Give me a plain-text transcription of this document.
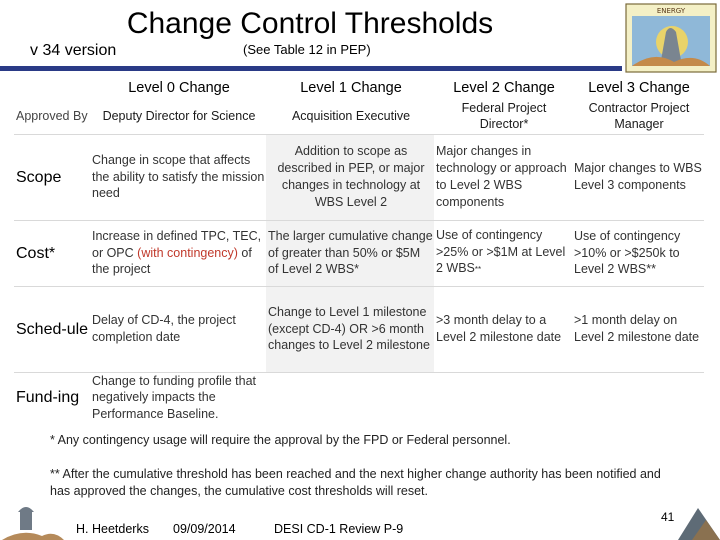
Change Control Thresholds
v 34 version	(See Table 12 in PEP)
ENERGY
	Level 0 Change	Level 1 Change	Level 2 Change	Level 3 Change
Approved By	Deputy Director for Science	Acquisition Executive	Federal Project Director*	Contractor Project Manager
Scope	Change in scope that affects the ability to satisfy the mission need	Addition to scope as described in PEP, or major changes in technology at WBS Level 2	Major changes in technology or approach to Level 2 WBS components	Major changes to WBS Level 3 components
Cost*	Increase in defined TPC, TEC, or OPC (with contingency) of the project	The larger cumulative change of greater than 50% or $5M of Level 2 WBS*	Use of contingency >25% or >$1M at Level 2 WBS**	Use of contingency >10% or >$250k to Level 2 WBS**
Sched-ule	Delay of CD-4, the project completion date	Change to Level 1 milestone (except CD-4) OR >6 month changes to Level 2 milestone	>3 month delay to a Level 2 milestone date	>1 month delay on Level 2 milestone date
Fund-ing	Change to funding profile that negatively impacts the Performance Baseline.			
* Any contingency usage will require the approval by the FPD or Federal personnel.
** After the cumulative threshold has been reached and the next higher change authority has been notified and has approved the changes, the cumulative cost thresholds will reset.
H. Heetderks 09/09/2014	DESI CD-1 Review P-9
41
